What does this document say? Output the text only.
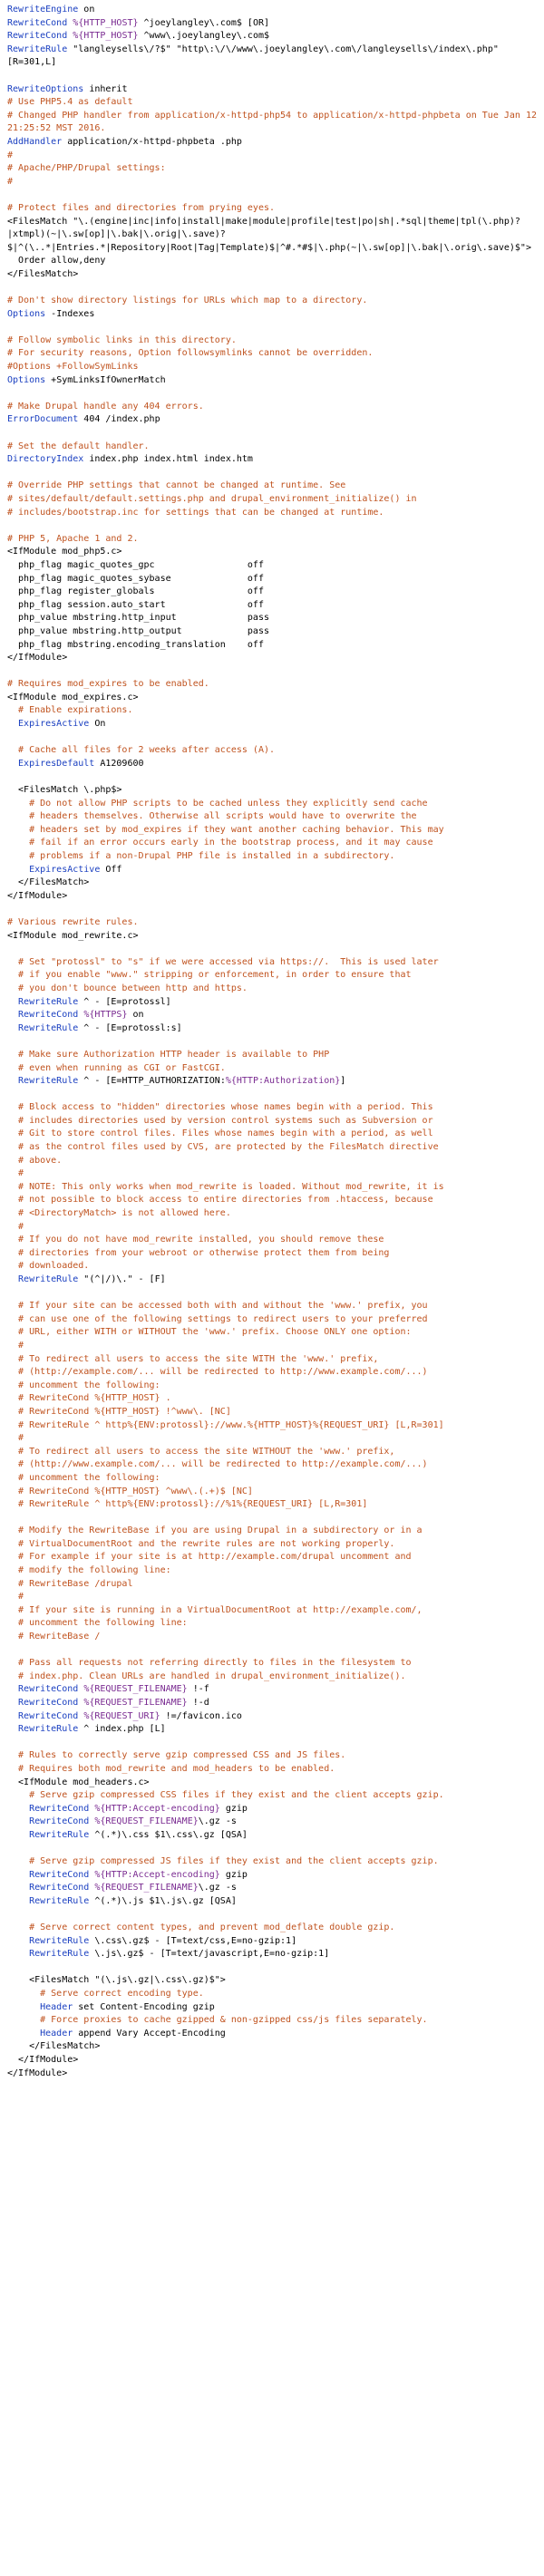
RewriteEngine on
RewriteCond %{HTTP_HOST} ^joeylangley\.com$ [OR]
RewriteCond %{HTTP_HOST} ^www\.joeylangley\.com$
RewriteRule "langleysells\/?$" "http\:\/\/www\.joeylangley\.com\/langleysells\/index\.php"
[R=301,L]
RewriteOptions inherit
# Use PHP5.4 as default
# Changed PHP handler from application/x-httpd-php54 to application/x-httpd-phpbeta on Tue Jan 12
21:25:52 MST 2016.
AddHandler application/x-httpd-phpbeta .php
#
# Apache/PHP/Drupal settings:
#
# Protect files and directories from prying eyes.
<FilesMatch "\.(engine|inc|info|install|make|module|profile|test|po|sh|.*sql|theme|tpl(\.php)?
|xtmpl)(~|\.sw[op]|\.bak|\.orig|\.save)?
$|^(\..*|Entries.*|Repository|Root|Tag|Template)$|^#.*#$|\.php(~|\.sw[op]|\.bak|\.orig\.save)$">
Order allow,deny
</FilesMatch>
# Don't show directory listings for URLs which map to a directory.
Options -Indexes
# Follow symbolic links in this directory.
# For security reasons, Option followsymlinks cannot be overridden.
#Options +FollowSymLinks
Options +SymLinksIfOwnerMatch
# Make Drupal handle any 404 errors.
ErrorDocument 404 /index.php
# Set the default handler.
DirectoryIndex index.php index.html index.htm
# Override PHP settings that cannot be changed at runtime. See
# sites/default/default.settings.php and drupal_environment_initialize() in
# includes/bootstrap.inc for settings that can be changed at runtime.
# PHP 5, Apache 1 and 2.
<IfModule mod_php5.c>
php_flag magic_quotes_gpc                 off
php_flag magic_quotes_sybase              off
php_flag register_globals                 off
php_flag session.auto_start               off
php_value mbstring.http_input             pass
php_value mbstring.http_output            pass
php_flag mbstring.encoding_translation    off
</IfModule>
# Requires mod_expires to be enabled.
<IfModule mod_expires.c>
# Enable expirations.
ExpiresActive On
# Cache all files for 2 weeks after access (A).
ExpiresDefault A1209600
<FilesMatch \.php$>
# Do not allow PHP scripts to be cached unless they explicitly send cache
# headers themselves. Otherwise all scripts would have to overwrite the
# headers set by mod_expires if they want another caching behavior. This may
# fail if an error occurs early in the bootstrap process, and it may cause
# problems if a non-Drupal PHP file is installed in a subdirectory.
ExpiresActive Off
</FilesMatch>
</IfModule>
# Various rewrite rules.
<IfModule mod_rewrite.c>
# Set "protossl" to "s" if we were accessed via https://.  This is used later
# if you enable "www." stripping or enforcement, in order to ensure that
# you don't bounce between http and https.
RewriteRule ^ - [E=protossl]
RewriteCond %{HTTPS} on
RewriteRule ^ - [E=protossl:s]
# Make sure Authorization HTTP header is available to PHP
# even when running as CGI or FastCGI.
RewriteRule ^ - [E=HTTP_AUTHORIZATION:%{HTTP:Authorization}]
# Block access to "hidden" directories whose names begin with a period. This
# includes directories used by version control systems such as Subversion or
# Git to store control files. Files whose names begin with a period, as well
# as the control files used by CVS, are protected by the FilesMatch directive
# above.
#
# NOTE: This only works when mod_rewrite is loaded. Without mod_rewrite, it is
# not possible to block access to entire directories from .htaccess, because
# <DirectoryMatch> is not allowed here.
#
# If you do not have mod_rewrite installed, you should remove these
# directories from your webroot or otherwise protect them from being
# downloaded.
RewriteRule "(^|/)\." - [F]
# If your site can be accessed both with and without the 'www.' prefix, you
# can use one of the following settings to redirect users to your preferred
# URL, either WITH or WITHOUT the 'www.' prefix. Choose ONLY one option:
#
# To redirect all users to access the site WITH the 'www.' prefix,
# (http://example.com/... will be redirected to http://www.example.com/...)
# uncomment the following:
# RewriteCond %{HTTP_HOST} .
# RewriteCond %{HTTP_HOST} !^www\. [NC]
# RewriteRule ^ http%{ENV:protossl}://www.%{HTTP_HOST}%{REQUEST_URI} [L,R=301]
#
# To redirect all users to access the site WITHOUT the 'www.' prefix,
# (http://www.example.com/... will be redirected to http://example.com/...)
# uncomment the following:
# RewriteCond %{HTTP_HOST} ^www\.(.+)$ [NC]
# RewriteRule ^ http%{ENV:protossl}://%1%{REQUEST_URI} [L,R=301]
# Modify the RewriteBase if you are using Drupal in a subdirectory or in a
# VirtualDocumentRoot and the rewrite rules are not working properly.
# For example if your site is at http://example.com/drupal uncomment and
# modify the following line:
# RewriteBase /drupal
#
# If your site is running in a VirtualDocumentRoot at http://example.com/,
# uncomment the following line:
# RewriteBase /
# Pass all requests not referring directly to files in the filesystem to
# index.php. Clean URLs are handled in drupal_environment_initialize().
RewriteCond %{REQUEST_FILENAME} !-f
RewriteCond %{REQUEST_FILENAME} !-d
RewriteCond %{REQUEST_URI} !=/favicon.ico
RewriteRule ^ index.php [L]
# Rules to correctly serve gzip compressed CSS and JS files.
# Requires both mod_rewrite and mod_headers to be enabled.
<IfModule mod_headers.c>
# Serve gzip compressed CSS files if they exist and the client accepts gzip.
RewriteCond %{HTTP:Accept-encoding} gzip
RewriteCond %{REQUEST_FILENAME}\.gz -s
RewriteRule ^(.*)\.css $1\.css\.gz [QSA]
# Serve gzip compressed JS files if they exist and the client accepts gzip.
RewriteCond %{HTTP:Accept-encoding} gzip
RewriteCond %{REQUEST_FILENAME}\.gz -s
RewriteRule ^(.*)\.js $1\.js\.gz [QSA]
# Serve correct content types, and prevent mod_deflate double gzip.
RewriteRule \.css\.gz$ - [T=text/css,E=no-gzip:1]
RewriteRule \.js\.gz$ - [T=text/javascript,E=no-gzip:1]
<FilesMatch "(\.js\.gz|\.css\.gz)$">
# Serve correct encoding type.
Header set Content-Encoding gzip
# Force proxies to cache gzipped & non-gzipped css/js files separately.
Header append Vary Accept-Encoding
</FilesMatch>
</IfModule>
</IfModule>
